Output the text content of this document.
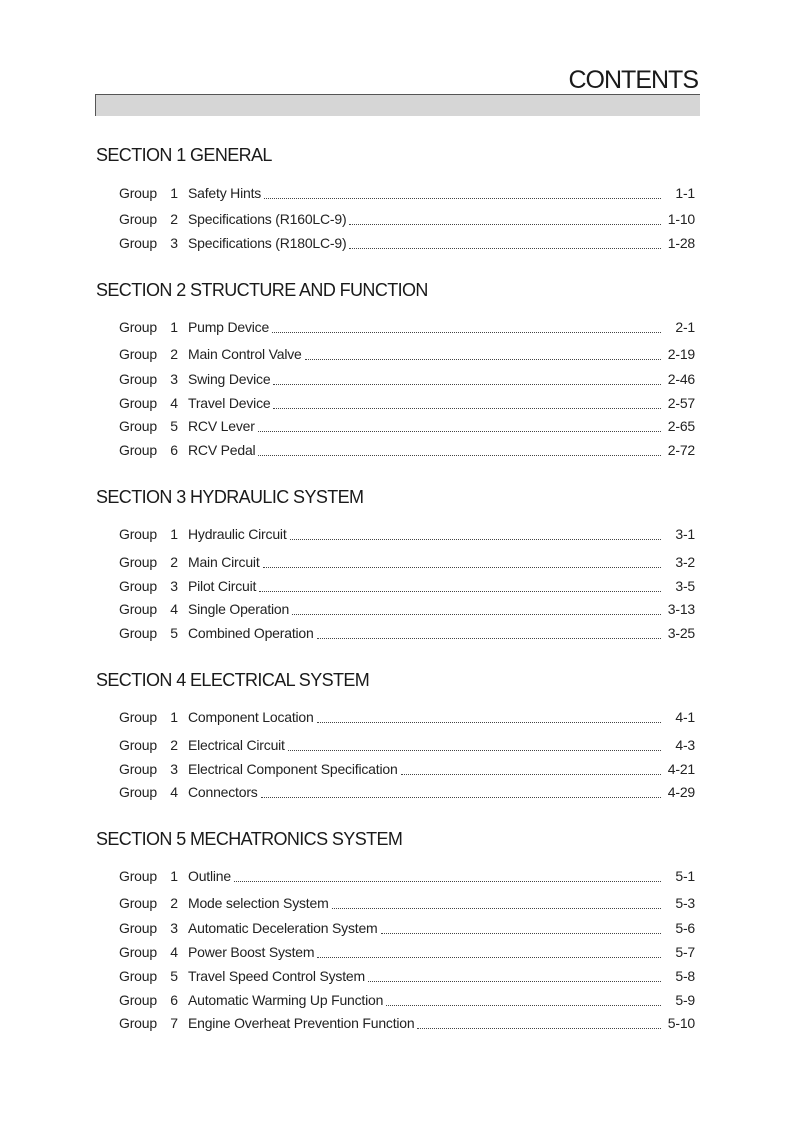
CONTENTS
SECTION 1 GENERAL
Group 1 Safety Hints	1-1
Group 2 Specifications (R160LC-9)	1-10
Group 3 Specifications (R180LC-9)	1-28
SECTION 2 STRUCTURE AND FUNCTION
Group 1 Pump Device	2-1
Group 2 Main Control Valve	2-19
Group 3 Swing Device	2-46
Group 4 Travel Device	2-57
Group 5 RCV Lever	2-65
Group 6 RCV Pedal	2-72
SECTION 3 HYDRAULIC SYSTEM
Group 1 Hydraulic Circuit	3-1
Group 2 Main Circuit	3-2
Group 3 Pilot Circuit	3-5
Group 4 Single Operation	3-13
Group 5 Combined Operation	3-25
SECTION 4 ELECTRICAL SYSTEM
Group 1 Component Location	4-1
Group 2 Electrical Circuit	4-3
Group 3 Electrical Component Specification	4-21
Group 4 Connectors	4-29
SECTION 5 MECHATRONICS SYSTEM
Group 1 Outline	5-1
Group 2 Mode selection System	5-3
Group 3 Automatic Deceleration System	5-6
Group 4 Power Boost System	5-7
Group 5 Travel Speed Control System	5-8
Group 6 Automatic Warming Up Function	5-9
Group 7 Engine Overheat Prevention Function	5-10
